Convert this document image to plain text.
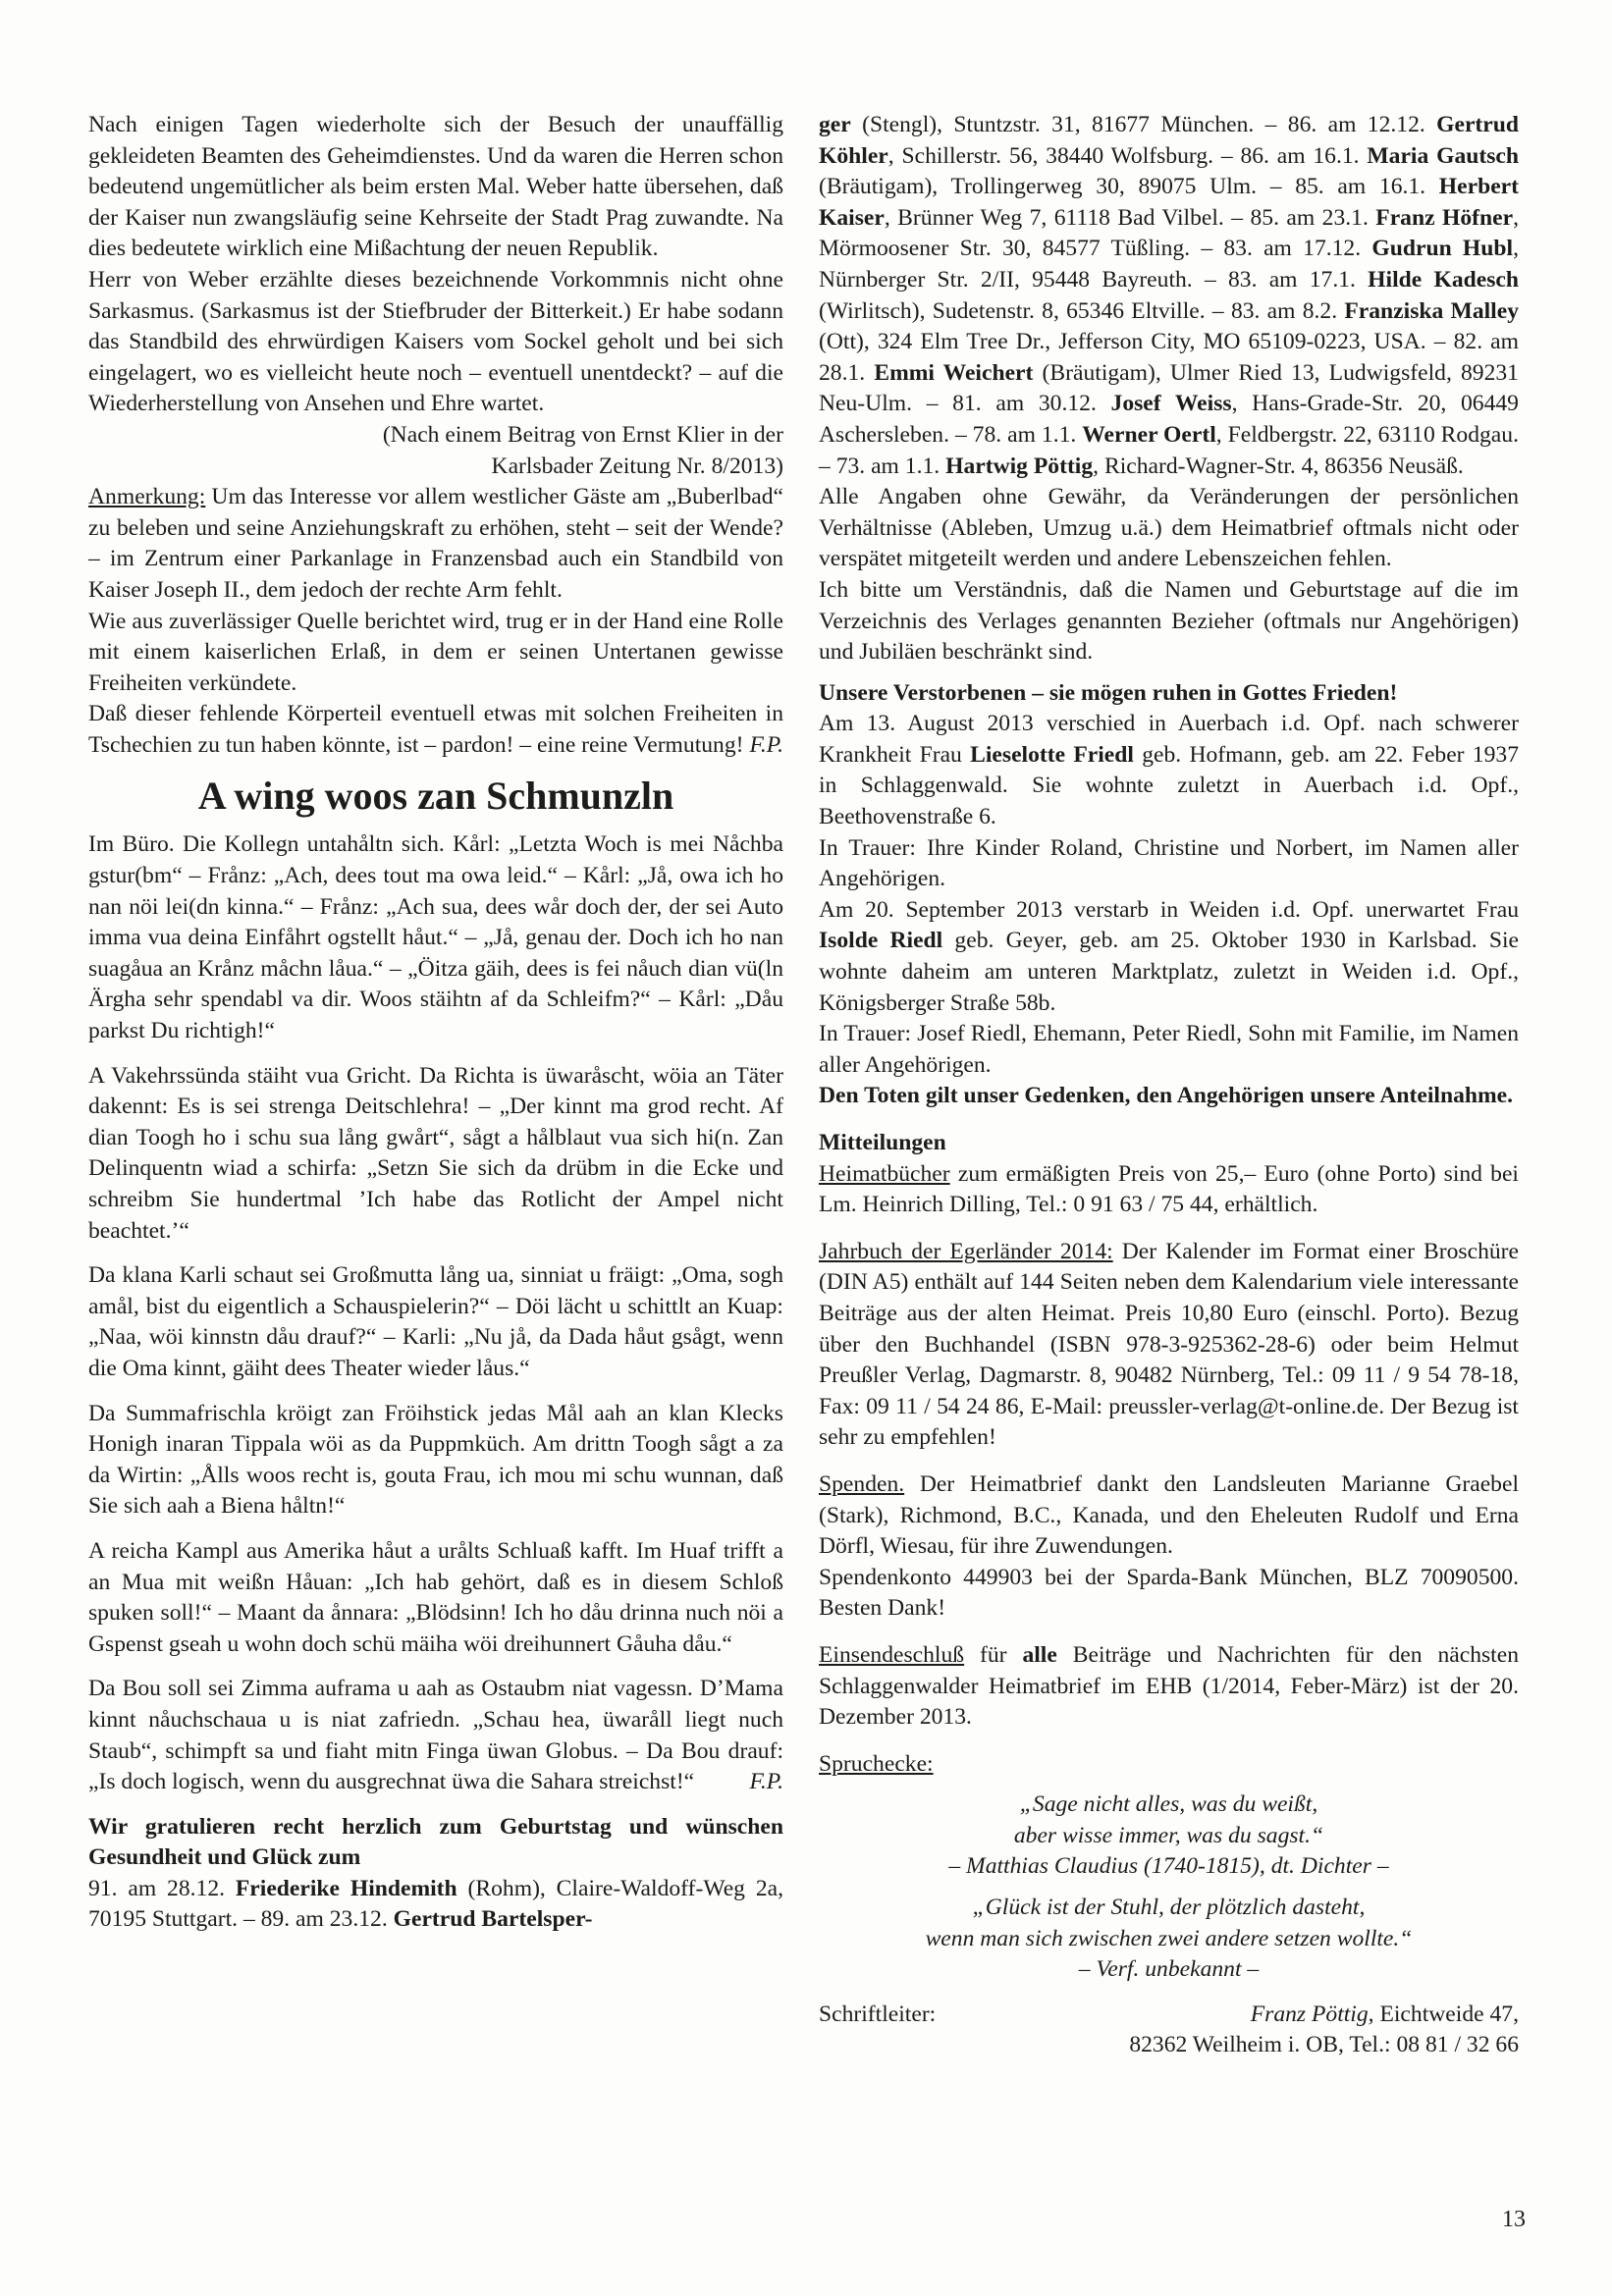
Nach einigen Tagen wiederholte sich der Besuch der unauffällig gekleideten Beamten des Geheimdienstes. Und da waren die Herren schon bedeutend ungemütlicher als beim ersten Mal. Weber hatte übersehen, daß der Kaiser nun zwangsläufig seine Kehrseite der Stadt Prag zuwandte. Na dies bedeutete wirklich eine Mißachtung der neuen Republik.

Herr von Weber erzählte dieses bezeichnende Vorkommnis nicht ohne Sarkasmus. (Sarkasmus ist der Stiefbruder der Bitterkeit.) Er habe sodann das Standbild des ehrwürdigen Kaisers vom Sockel geholt und bei sich eingelagert, wo es vielleicht heute noch – eventuell unentdeckt? – auf die Wiederherstellung von Ansehen und Ehre wartet.

(Nach einem Beitrag von Ernst Klier in der Karlsbader Zeitung Nr. 8/2013)

Anmerkung: Um das Interesse vor allem westlicher Gäste am „Buberlbad“ zu beleben und seine Anziehungskraft zu erhöhen, steht – seit der Wende? – im Zentrum einer Parkanlage in Franzensbad auch ein Standbild von Kaiser Joseph II., dem jedoch der rechte Arm fehlt.

Wie aus zuverlässiger Quelle berichtet wird, trug er in der Hand eine Rolle mit einem kaiserlichen Erlaß, in dem er seinen Untertanen gewisse Freiheiten verkündete.

Daß dieser fehlende Körperteil eventuell etwas mit solchen Freiheiten in Tschechien zu tun haben könnte, ist – pardon! – eine reine Vermutung! F.P.

A wing woos zan Schmunzln

Im Büro. Die Kollegn untahåltn sich. Kårl: „Letzta Woch is mei Nåchba gstur(bm“ – Frånz: „Ach, dees tout ma owa leid.“ – Kårl: „Jå, owa ich ho nan nöi lei(dn kinna.“ – Frånz: „Ach sua, dees wår doch der, der sei Auto imma vua deina Einfåhrt ogstellt håut.“ – „Jå, genau der. Doch ich ho nan suagåua an Krånz måchn låua.“ – „Öitza gäih, dees is fei nåuch dian vü(ln Ärgha sehr spendabl va dir. Woos stäihtn af da Schleifm?“ – Kårl: „Dåu parkst Du richtigh!“

A Vakehrssünda stäiht vua Gricht. Da Richta is üwaråscht, wöia an Täter dakennt: Es is sei strenga Deitschlehra! – „Der kinnt ma grod recht. Af dian Toogh ho i schu sua lång gwårt“, sågt a hålblaut vua sich hi(n. Zan Delinquentn wiad a schirfa: „Setzn Sie sich da drübm in die Ecke und schreibm Sie hundertmal ’Ich habe das Rotlicht der Ampel nicht beachtet.’“

Da klana Karli schaut sei Großmutta lång ua, sinniat u fräigt: „Oma, sogh amål, bist du eigentlich a Schauspielerin?“ – Döi lächt u schittlt an Kuap: „Naa, wöi kinnstn dåu drauf?“ – Karli: „Nu jå, da Dada håut gsågt, wenn die Oma kinnt, gäiht dees Theater wieder låus.“

Da Summafrischla kröigt zan Fröihstick jedas Mål aah an klan Klecks Honigh inaran Tippala wöi as da Puppmküch. Am drittn Toogh sågt a za da Wirtin: „Ålls woos recht is, gouta Frau, ich mou mi schu wunnan, daß Sie sich aah a Biena håltn!“

A reicha Kampl aus Amerika håut a urålts Schluaß kafft. Im Huaf trifft a an Mua mit weißn Håuan: „Ich hab gehört, daß es in diesem Schloß spuken soll!“ – Maant da ånnara: „Blödsinn! Ich ho dåu drinna nuch nöi a Gspenst gseah u wohn doch schü mäiha wöi dreihunnert Gåuha dåu.“

Da Bou soll sei Zimma auframa u aah as Ostaubm niat vagessn. D’Mama kinnt nåuchschaua u is niat zafriedn. „Schau hea, üwaråll liegt nuch Staub“, schimpft sa und fiaht mitn Finga üwan Globus. – Da Bou drauf: „Is doch logisch, wenn du ausgrechnat üwa die Sahara streichst!“ F.P.

Wir gratulieren recht herzlich zum Geburtstag und wünschen Gesundheit und Glück zum

91. am 28.12. Friederike Hindemith (Rohm), Claire-Waldoff-Weg 2a, 70195 Stuttgart. – 89. am 23.12. Gertrud Bartelsper-

ger (Stengl), Stuntzstr. 31, 81677 München. – 86. am 12.12. Gertrud Köhler, Schillerstr. 56, 38440 Wolfsburg. – 86. am 16.1. Maria Gautsch (Bräutigam), Trollingerweg 30, 89075 Ulm. – 85. am 16.1. Herbert Kaiser, Brünner Weg 7, 61118 Bad Vilbel. – 85. am 23.1. Franz Höfner, Mörmoosener Str. 30, 84577 Tüßling. – 83. am 17.12. Gudrun Hubl, Nürnberger Str. 2/II, 95448 Bayreuth. – 83. am 17.1. Hilde Kadesch (Wirlitsch), Sudetenstr. 8, 65346 Eltville. – 83. am 8.2. Franziska Malley (Ott), 324 Elm Tree Dr., Jefferson City, MO 65109-0223, USA. – 82. am 28.1. Emmi Weichert (Bräutigam), Ulmer Ried 13, Ludwigsfeld, 89231 Neu-Ulm. – 81. am 30.12. Josef Weiss, Hans-Grade-Str. 20, 06449 Aschersleben. – 78. am 1.1. Werner Oertl, Feldbergstr. 22, 63110 Rodgau. – 73. am 1.1. Hartwig Pöttig, Richard-Wagner-Str. 4, 86356 Neusäß.

Alle Angaben ohne Gewähr, da Veränderungen der persönlichen Verhältnisse (Ableben, Umzug u.ä.) dem Heimatbrief oftmals nicht oder verspätet mitgeteilt werden und andere Lebenszeichen fehlen.

Ich bitte um Verständnis, daß die Namen und Geburtstage auf die im Verzeichnis des Verlages genannten Bezieher (oftmals nur Angehörigen) und Jubiläen beschränkt sind.

Unsere Verstorbenen – sie mögen ruhen in Gottes Frieden!

Am 13. August 2013 verschied in Auerbach i.d. Opf. nach schwerer Krankheit Frau Lieselotte Friedl geb. Hofmann, geb. am 22. Feber 1937 in Schlaggenwald. Sie wohnte zuletzt in Auerbach i.d. Opf., Beethovenstraße 6.

In Trauer: Ihre Kinder Roland, Christine und Norbert, im Namen aller Angehörigen.

Am 20. September 2013 verstarb in Weiden i.d. Opf. unerwartet Frau Isolde Riedl geb. Geyer, geb. am 25. Oktober 1930 in Karlsbad. Sie wohnte daheim am unteren Marktplatz, zuletzt in Weiden i.d. Opf., Königsberger Straße 58b.

In Trauer: Josef Riedl, Ehemann, Peter Riedl, Sohn mit Familie, im Namen aller Angehörigen.

Den Toten gilt unser Gedenken, den Angehörigen unsere Anteilnahme.

Mitteilungen

Heimatbücher zum ermäßigten Preis von 25,– Euro (ohne Porto) sind bei Lm. Heinrich Dilling, Tel.: 0 91 63 / 75 44, erhältlich.

Jahrbuch der Egerländer 2014: Der Kalender im Format einer Broschüre (DIN A5) enthält auf 144 Seiten neben dem Kalendarium viele interessante Beiträge aus der alten Heimat. Preis 10,80 Euro (einschl. Porto). Bezug über den Buchhandel (ISBN 978-3-925362-28-6) oder beim Helmut Preußler Verlag, Dagmarstr. 8, 90482 Nürnberg, Tel.: 09 11 / 9 54 78-18, Fax: 09 11 / 54 24 86, E-Mail: preussler-verlag@t-online.de. Der Bezug ist sehr zu empfehlen!

Spenden. Der Heimatbrief dankt den Landsleuten Marianne Graebel (Stark), Richmond, B.C., Kanada, und den Eheleuten Rudolf und Erna Dörfl, Wiesau, für ihre Zuwendungen.

Spendenkonto 449903 bei der Sparda-Bank München, BLZ 70090500. Besten Dank!

Einsendeschluß für alle Beiträge und Nachrichten für den nächsten Schlaggenwalder Heimatbrief im EHB (1/2014, Feber-März) ist der 20. Dezember 2013.

Spruchecke:

„Sage nicht alles, was du weißt,

aber wisse immer, was du sagst.“

– Matthias Claudius (1740-1815), dt. Dichter –

„Glück ist der Stuhl, der plötzlich dasteht,

wenn man sich zwischen zwei andere setzen wollte.“

– Verf. unbekannt –

Schriftleiter:	Franz Pöttig, Eichtweide 47,

82362 Weilheim i. OB, Tel.: 08 81 / 32 66

13
